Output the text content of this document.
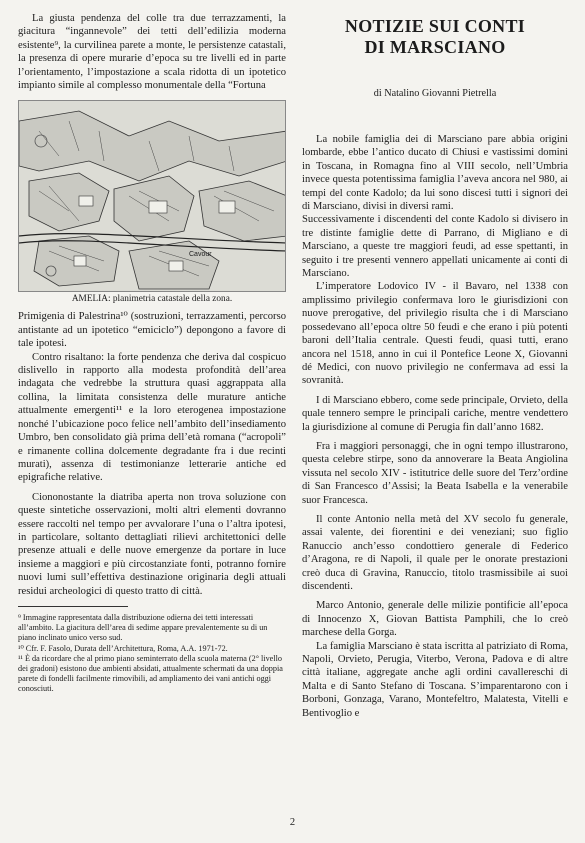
La giusta pendenza del colle tra due terrazzamenti, la giacitura “ingannevole” dei tetti dell’edilizia moderna esistente⁹, la curvilinea parete a monte, le persistenze catastali, la presenza di opere murarie d’epoca su tre livelli ed in parte l’orientamento, l’impostazione a scala ridotta di un ipotetico impianto simile al complesso monumentale della “Fortuna

Cavour
AMELIA: planimetria catastale della zona.

Primigenia di Palestrina¹⁰ (sostruzioni, terrazzamenti, percorso antistante ad un ipotetico “emiciclo”) depongono a favore di tale ipotesi.

Contro risaltano: la forte pendenza che deriva dal cospicuo dislivello in rapporto alla modesta profondità dell’area indagata che vedrebbe la struttura quasi aggrappata alla collina, la limitata consistenza delle murature antiche attualmente emergenti¹¹ e la loro eterogenea impostazione nonché l’ubicazione poco felice nell’ambito dell’insediamento Umbro, ben consolidato già prima dell’età romana (“acropoli” e rimanente collina dolcemente degradante fra i due recinti murati), assenza di testimonianze letterarie antiche ed epigrafiche relative.

Ciononostante la diatriba aperta non trova soluzione con queste sintetiche osservazioni, molti altri elementi dovranno essere raccolti nel tempo per avvalorare l’una o l’altra ipotesi, in particolare, soltanto dettagliati rilievi architettonici delle presenze attuali e delle nuove emergenze da portare in luce insieme a maggiori e più circostanziate fonti, potranno fornire nuovi lumi sull’effettiva destinazione originaria degli attuali residui archeologici di questo tratto di città.

⁹ Immagine rappresentata dalla distribuzione odierna dei tetti interessati all’ambito. La giacitura dell’area di sedime appare prevalentemente su di un piano inclinato unico verso sud.

¹⁰ Cfr. F. Fasolo, Durata dell’Architettura, Roma, A.A. 1971-72.

¹¹ È da ricordare che al primo piano seminterrato della scuola materna (2° livello dei gradoni) esistono due ambienti absidati, attualmente schermati da una doppia parete di fondelli facilmente rimovibili, ad ampliamento dei vani antichi oggi conosciuti.

NOTIZIE SUI CONTI
DI MARSCIANO
di Natalino Giovanni Pietrella

La nobile famiglia dei di Marsciano pare abbia origini lombarde, ebbe l’antico ducato di Chiusi e vastissimi domini in Toscana, in Romagna fino al VIII secolo, nell’Umbria invece questa potentissima famiglia l’aveva ancora nel 980, ai tempi del conte Kadolo; da lui sono discesi tutti i signori dei di Marsciano, divisi in diversi rami.

Successivamente i discendenti del conte Kadolo si divisero in tre distinte famiglie dette di Parrano, di Migliano e di Marsciano, a queste tre maggiori feudi, ad esse spettanti, in seguito i tre presenti vennero appellati unicamente ai conti di Marsciano.

L’imperatore Lodovico IV - il Bavaro, nel 1338 con amplissimo privilegio confermava loro le giurisdizioni con nuove prerogative, del privilegio risulta che i di Marsciano possedevano all’epoca oltre 50 feudi e che erano i più potenti baroni dell’Italia centrale. Questi feudi, quasi tutti, erano ancora nel 1518, anno in cui il Pontefice Leone X, Giovanni dé Medici, con nuovo privilegio ne confermava ad essi la sovranità.

I di Marsciano ebbero, come sede principale, Orvieto, della quale tennero sempre le principali cariche, mentre vendettero la giurisdizione al comune di Perugia fin dall’anno 1682.

Fra i maggiori personaggi, che in ogni tempo illustrarono, questa celebre stirpe, sono da annoverare la Beata Angiolina vissuta nel secolo XIV - istitutrice delle suore del Terz’ordine di San Francesco d’Assisi; la Beata Isabella e la venerabile suor Francesca.

Il conte Antonio nella metà del XV secolo fu generale, assai valente, dei fiorentini e dei veneziani; suo figlio Ranuccio anch’esso condottiero generale di Federico d’Aragona, re di Napoli, il quale per le onorate prestazioni creò duca di Gravina, Ranuccio, titolo trasmissibile ai suoi discendenti.

Marco Antonio, generale delle milizie pontificie all’epoca di Innocenzo X, Giovan Battista Pamphili, che lo creò marchese della Gorga.

La famiglia Marsciano è stata iscritta al patriziato di Roma, Napoli, Orvieto, Perugia, Viterbo, Verona, Padova e di altre città italiane, aggregate anche agli ordini cavallereschi di Malta e di Santo Stefano di Toscana. S’imparentarono con i Borboni, Gonzaga, Varano, Montefeltro, Malatesta, Vitelli e Bentivoglio e

2
